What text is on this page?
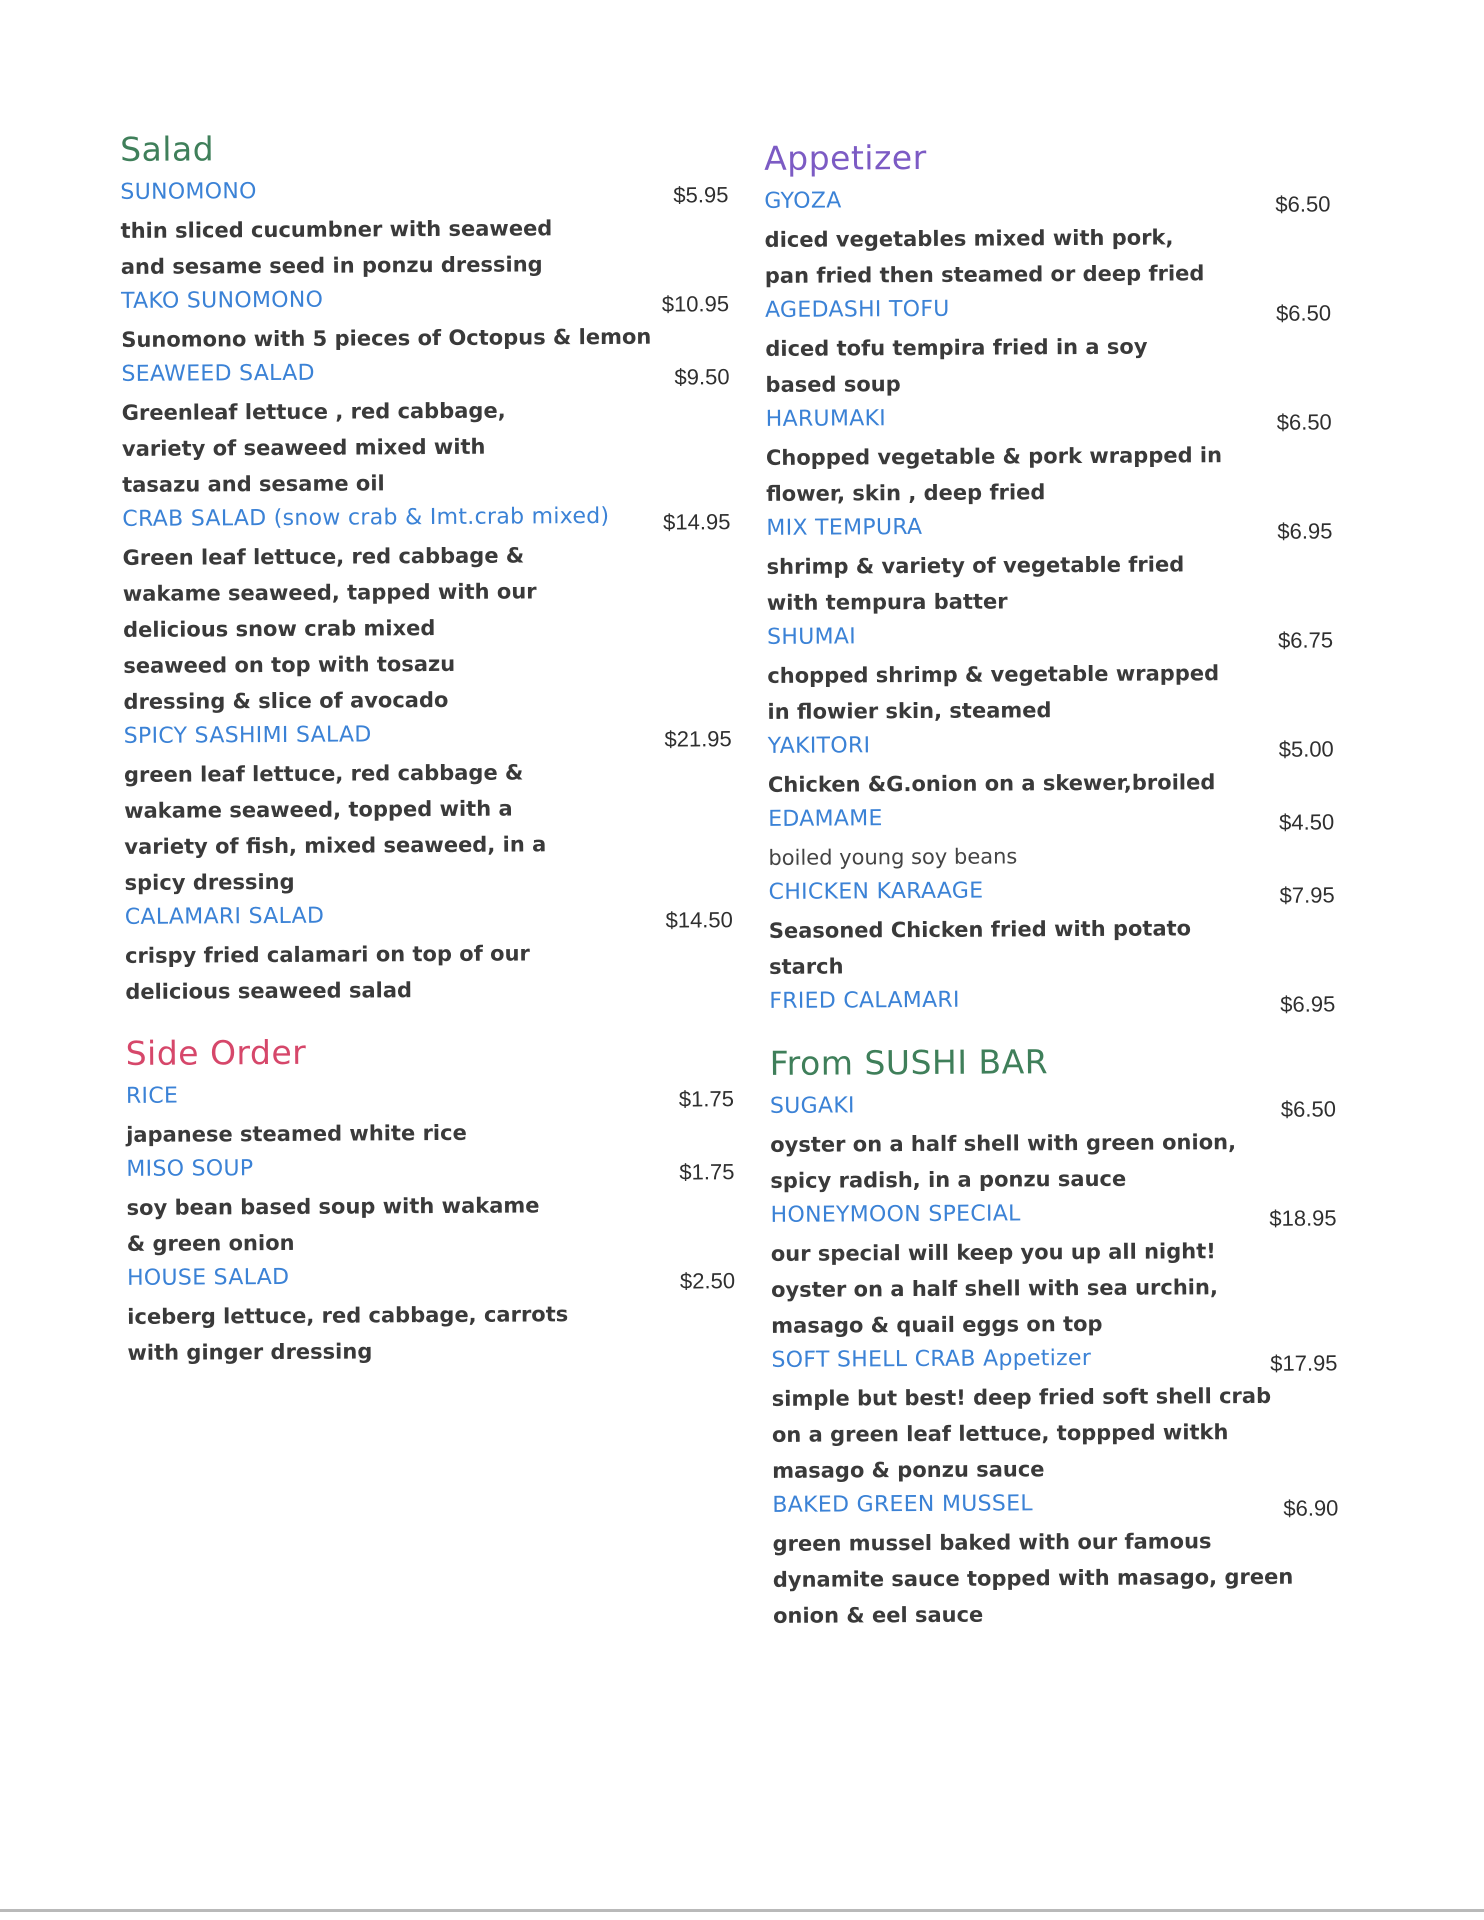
Salad
SUNOMONO	$5.95

thin sliced cucumbner with seaweed

and sesame seed in ponzu dressing

TAKO SUNOMONO	$10.95

Sunomono with 5 pieces of Octopus & lemon

SEAWEED SALAD	$9.50

Greenleaf lettuce , red cabbage,

variety of seaweed mixed with

tasazu and sesame oil

CRAB SALAD (snow crab & Imt.crab mixed) $14.95

Green leaf lettuce, red cabbage &

wakame seaweed, tapped with our

delicious snow crab mixed

seaweed on top with tosazu

dressing & slice of avocado

SPICY SASHIMI SALAD	$21.95

green leaf lettuce, red cabbage &

wakame seaweed, topped with a

variety of fish, mixed seaweed, in a

spicy dressing

CALAMARI SALAD	$14.50

crispy fried calamari on top of our

delicious seaweed salad

Side Order
RICE	$1.75

japanese steamed white rice

MISO SOUP	$1.75

soy bean based soup with wakame

& green onion

HOUSE SALAD	$2.50

iceberg lettuce, red cabbage, carrots

with ginger dressing

Appetizer
GYOZA	$6.50

diced vegetables mixed with pork,

pan fried then steamed or deep fried

AGEDASHI TOFU	$6.50

diced tofu tempira fried in a soy

based soup

HARUMAKI	$6.50

Chopped vegetable & pork wrapped in

flower, skin , deep fried

MIX TEMPURA	$6.95

shrimp & variety of vegetable fried

with tempura batter

SHUMAI	$6.75

chopped shrimp & vegetable wrapped

in flowier skin, steamed

YAKITORI	$5.00

Chicken &G.onion on a skewer,broiled

EDAMAME	$4.50

boiled young soy beans

CHICKEN KARAAGE	$7.95

Seasoned Chicken fried with potato

starch

FRIED CALAMARI	$6.95
From SUSHI BAR
SUGAKI	$6.50

oyster on a half shell with green onion,

spicy radish, in a ponzu sauce

HONEYMOON SPECIAL	$18.95

our special will keep you up all night!

oyster on a half shell with sea urchin,

masago & quail eggs on top

SOFT SHELL CRAB Appetizer	$17.95

simple but best! deep fried soft shell crab

on a green leaf lettuce, toppped witkh

masago & ponzu sauce

BAKED GREEN MUSSEL	$6.90

green mussel baked with our famous

dynamite sauce topped with masago, green

onion & eel sauce
